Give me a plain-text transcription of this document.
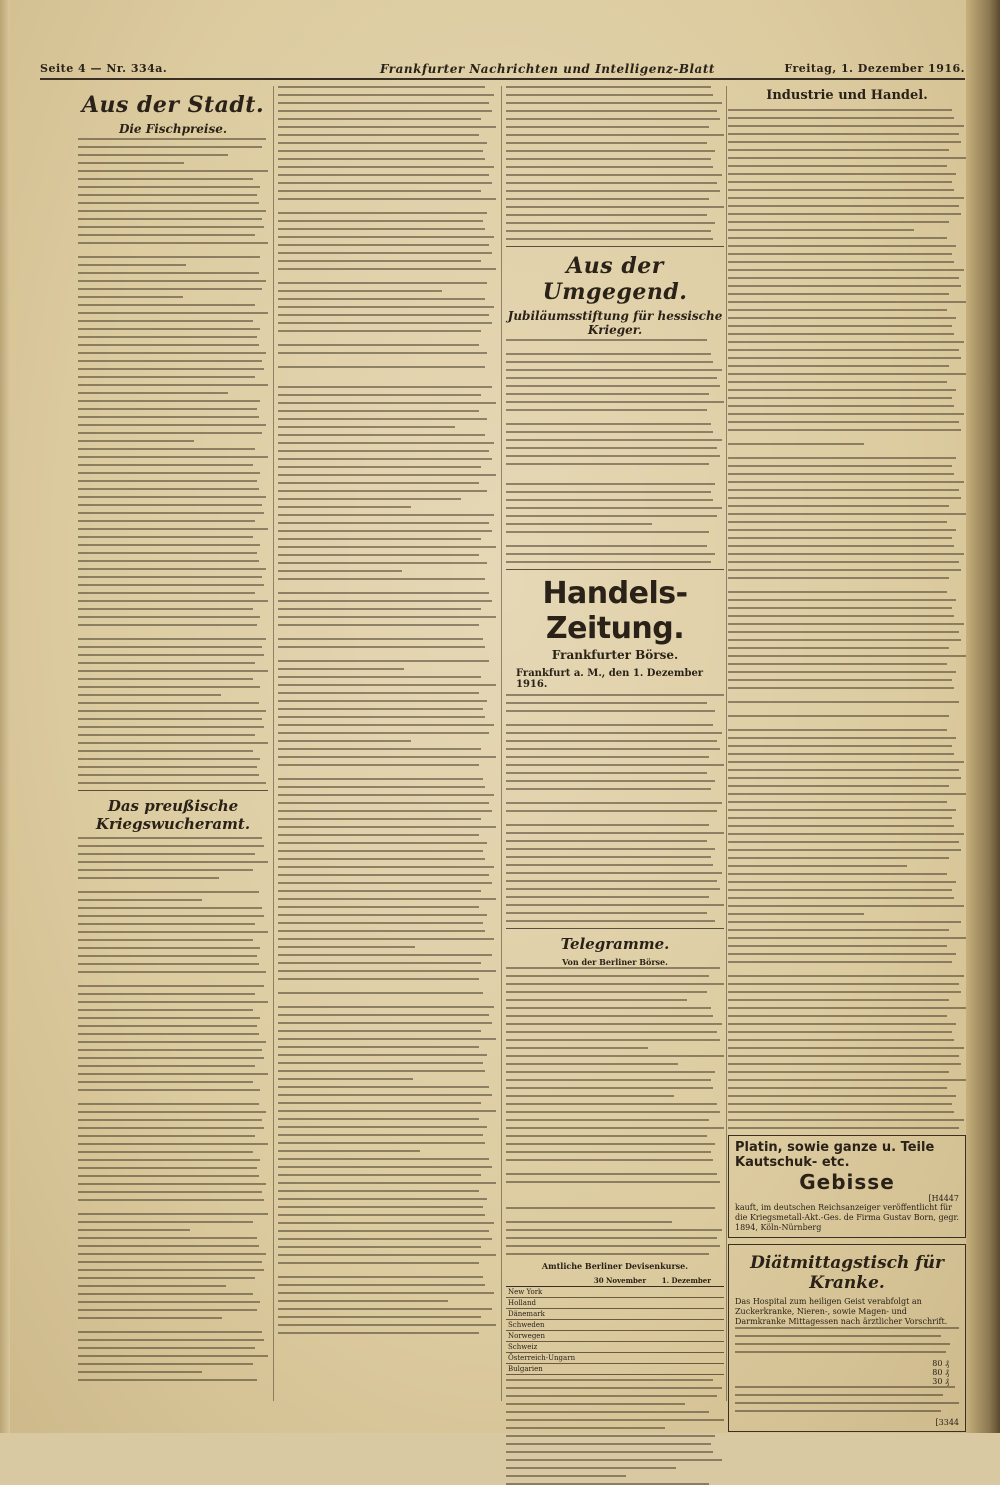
Seite 4 — Nr. 334a.	Frankfurter Nachrichten und Intelligenz-Blatt	Freitag, 1. Dezember 1916.
Aus der Stadt.
Die Fischpreise.
Das preußische Kriegswucheramt.
Aus der Umgegend.
Jubiläumsstiftung für hessische Krieger.
Handels-Zeitung.
Frankfurter Börse.
Frankfurt a. M., den 1. Dezember 1916.
Telegramme.
Von der Berliner Börse.
Amtliche Berliner Devisenkurse.
	30 November	1. Dezember
New York		
Holland		
Dänemark		
Schweden		
Norwegen		
Schweiz		
Österreich-Ungarn		
Bulgarien		
Industrie und Handel.
Platin, sowie ganze u. Teile Kautschuk- etc.
Gebisse
[H4447
kauft, im deutschen Reichsanzeiger veröffentlicht für die Kriegsmetall-Akt.-Ges. de Firma Gustav Born, gegr. 1894, Köln-Nürnberg
Diätmittagstisch für Kranke.
Das Hospital zum heiligen Geist verabfolgt an Zuckerkranke, Nieren-, sowie Magen- und Darmkranke Mittagessen nach ärztlicher Vorschrift.
80 ₰
80 ₰
30 ₰
[3344
